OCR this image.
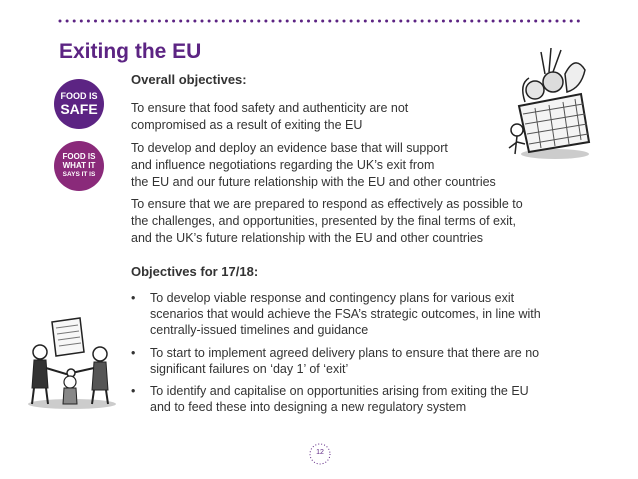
Exiting the EU
FOOD IS
SAFE
FOOD IS
WHAT IT
SAYS IT IS

Overall objectives:

To ensure that food safety and authenticity are not

compromised as a result of exiting the EU

To develop and deploy an evidence base that will support

and influence negotiations regarding the UK’s exit from

the EU and our future relationship with the EU and other countries

To ensure that we are prepared to respond as effectively as possible to

the challenges, and opportunities, presented by the final terms of exit,

and the UK’s future relationship with the EU and other countries

Objectives for 17/18:

•	To develop viable response and contingency plans for various exit
scenarios that would achieve the FSA’s strategic outcomes, in line with
centrally-issued timelines and guidance
•	To start to implement agreed delivery plans to ensure that there are no
significant failures on ‘day 1’ of ‘exit’
•	To identify and capitalise on opportunities arising from exiting the EU
and to feed these into designing a new regulatory system
12
